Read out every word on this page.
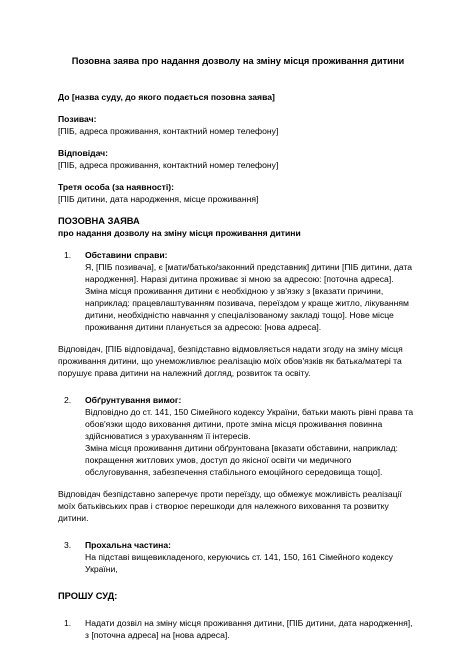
Позовна заява про надання дозволу на зміну місця проживання дитини

До [назва суду, до якого подається позовна заява]

Позивач:

[ПІБ, адреса проживання, контактний номер телефону]

Відповідач:

[ПІБ, адреса проживання, контактний номер телефону]

Третя особа (за наявності):

[ПІБ дитини, дата народження, місце проживання]

ПОЗОВНА ЗАЯВА

про надання дозволу на зміну місця проживання дитини

1.	Обставини справи:
Я, [ПІБ позивача], є [мати/батько/законний представник] дитини [ПІБ дитини, дата народження]. Наразі дитина проживає зі мною за адресою: [поточна адреса].
Зміна місця проживання дитини є необхідною у зв'язку з [вказати причини, наприклад: працевлаштуванням позивача, переїздом у краще житло, лікуванням дитини, необхідністю навчання у спеціалізованому закладі тощо]. Нове місце проживання дитини планується за адресою: [нова адреса].

Відповідач, [ПІБ відповідача], безпідставно відмовляється надати згоду на зміну місця проживання дитини, що унеможливлює реалізацію моїх обов'язків як батька/матері та порушує права дитини на належний догляд, розвиток та освіту.

2.	Обґрунтування вимог:
Відповідно до ст. 141, 150 Сімейного кодексу України, батьки мають рівні права та обов'язки щодо виховання дитини, проте зміна місця проживання повинна здійснюватися з урахуванням її інтересів.
Зміна місця проживання дитини обґрунтована [вказати обставини, наприклад: покращення житлових умов, доступ до якісної освіти чи медичного обслуговування, забезпечення стабільного емоційного середовища тощо].

Відповідач безпідставно заперечує проти переїзду, що обмежує можливість реалізації моїх батьківських прав і створює перешкоди для належного виховання та розвитку дитини.

3.	Прохальна частина:
На підставі вищевикладеного, керуючись ст. 141, 150, 161 Сімейного кодексу України,

ПРОШУ СУД:

1.	Надати дозвіл на зміну місця проживання дитини, [ПІБ дитини, дата народження], з [поточна адреса] на [нова адреса].
